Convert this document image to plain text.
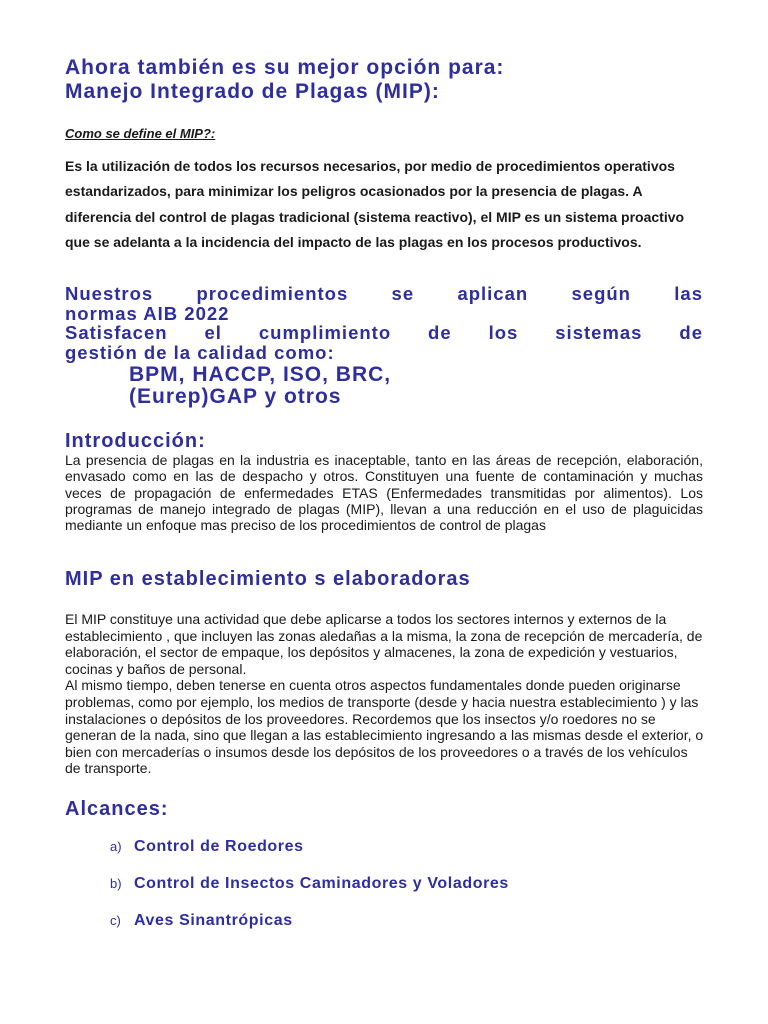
Ahora también es su mejor opción para:
Manejo Integrado de Plagas (MIP):
Como se define el MIP?:
Es la utilización de todos los recursos necesarios, por medio de procedimientos operativos estandarizados, para minimizar los peligros ocasionados por la presencia de plagas. A diferencia del control de plagas tradicional (sistema reactivo), el MIP es un sistema proactivo que se adelanta a la incidencia del impacto de las plagas en los procesos productivos.
Nuestros procedimientos se aplican según las
normas AIB 2022
Satisfacen el cumplimiento de los sistemas de
gestión de la calidad como:
BPM, HACCP, ISO, BRC,
(Eurep)GAP y otros
Introducción:
La presencia de plagas en la industria es inaceptable, tanto en las áreas de recepción, elaboración, envasado como en las de despacho y otros. Constituyen una fuente de contaminación y muchas veces de propagación de enfermedades ETAS (Enfermedades transmitidas por alimentos). Los programas de manejo integrado de plagas (MIP), llevan a una reducción en el uso de plaguicidas mediante un enfoque mas preciso de los procedimientos de control de plagas
MIP en establecimiento s elaboradoras
El MIP constituye una actividad que debe aplicarse a todos los sectores internos y externos de la establecimiento , que incluyen las zonas aledañas a la misma, la zona de recepción de mercadería, de elaboración, el sector de empaque, los depósitos y almacenes, la zona de expedición y vestuarios, cocinas y baños de personal.
Al mismo tiempo, deben tenerse en cuenta otros aspectos fundamentales donde pueden originarse problemas, como por ejemplo, los medios de transporte (desde y hacia nuestra establecimiento ) y las instalaciones o depósitos de los proveedores. Recordemos que los insectos y/o roedores no se generan de la nada, sino que llegan a las establecimiento ingresando a las mismas desde el exterior, o bien con mercaderías o insumos desde los depósitos de los proveedores o a través de los vehículos de transporte.
Alcances:
a) Control de Roedores
b) Control de Insectos Caminadores y Voladores
c) Aves Sinantrópicas
